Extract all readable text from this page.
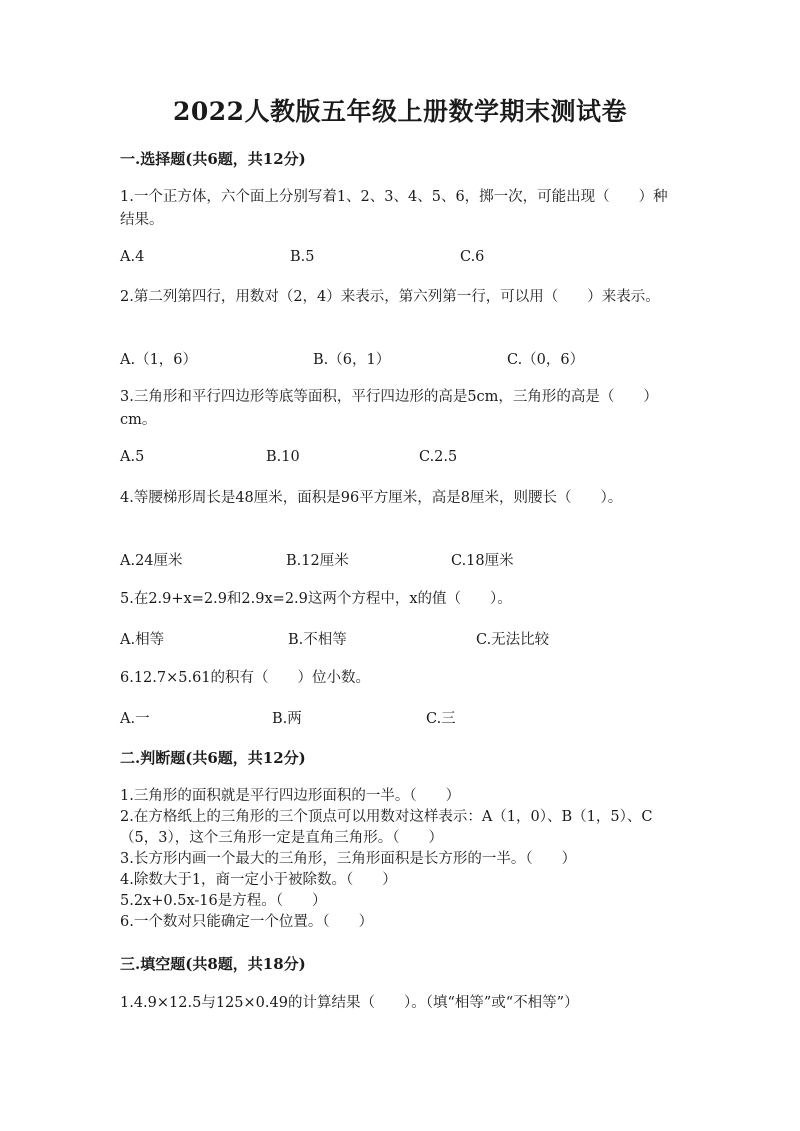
2022人教版五年级上册数学期末测试卷
一.选择题(共6题，共12分)

1.一个正方体，六个面上分别写着1、2、3、4、5、6，掷一次，可能出现（　　）种结果。

A.4	B.5	C.6

2.第二列第四行，用数对（2，4）来表示，第六列第一行，可以用（　　）来表示。

A.（1，6）	B.（6，1）	C.（0，6）

3.三角形和平行四边形等底等面积，平行四边形的高是5cm，三角形的高是（　　）cm。

A.5	B.10	C.2.5

4.等腰梯形周长是48厘米，面积是96平方厘米，高是8厘米，则腰长（　　）。

A.24厘米	B.12厘米	C.18厘米

5.在2.9+x=2.9和2.9x=2.9这两个方程中，x的值（　　）。

A.相等	B.不相等	C.无法比较

6.12.7×5.61的积有（　　）位小数。

A.一	B.两	C.三
二.判断题(共6题，共12分)

1.三角形的面积就是平行四边形面积的一半。（　　）

2.在方格纸上的三角形的三个顶点可以用数对这样表示：A（1，0）、B（1，5）、C（5，3），这个三角形一定是直角三角形。（　　）

3.长方形内画一个最大的三角形，三角形面积是长方形的一半。（　　）

4.除数大于1，商一定小于被除数。（　　）

5.2x+0.5x-16是方程。（　　）

6.一个数对只能确定一个位置。（　　）

三.填空题(共8题，共18分)

1.4.9×12.5与125×0.49的计算结果（　　）。（填“相等”或“不相等”）
